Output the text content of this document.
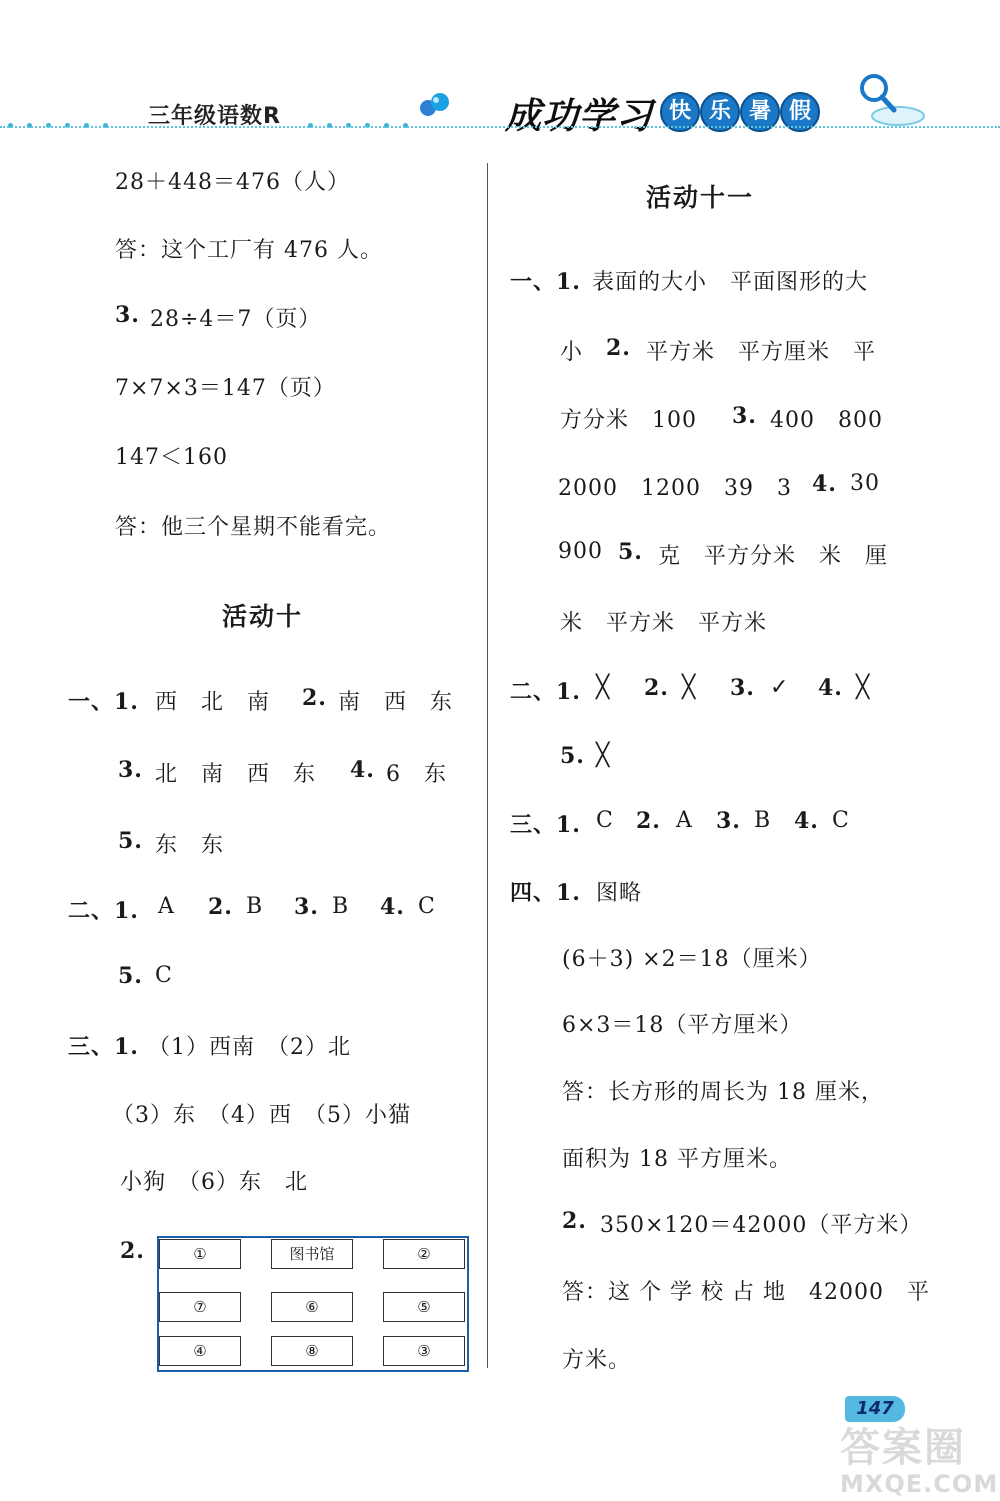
三年级语数R	成功学习 快 乐 暑 假
28＋448＝476（人）
答：这个工厂有 476 人。
3. 28÷4＝7（页）
7×7×3＝147（页）
147＜160
答：他三个星期不能看完。
活动十
一、1. 西　北　南 2. 南　西　东
3. 北　南　西　东 4. 6　东
5. 东　东
二、1. A 2. B 3. B 4. C
5. C
三、1. （1）西南　（2）北
（3）东　（4）西　（5）小猫
小狗　（6）东　北
2.	①	图书馆	②
⑦	⑥	⑤
④	⑧	③
活动十一
一、1. 表面的大小　平面图形的大
小 2. 平方米　平方厘米　平
方分米　100 3. 400　800
2000　1200　39　3 4. 30
900 5. 克　平方分米　米　厘
米　平方米　平方米
二、1. ╳ 2. ╳ 3. ✓ 4. ╳
5. ╳
三、1. C 2. A 3. B 4. C
四、1. 图略
(6＋3) ×2＝18（厘米）
6×3＝18（平方厘米）
答：长方形的周长为 18 厘米，
面积为 18 平方厘米。
2. 350×120＝42000（平方米）
答：这 个 学 校 占 地　42000　平
方米。
147
答案圈
MXQE.COM
